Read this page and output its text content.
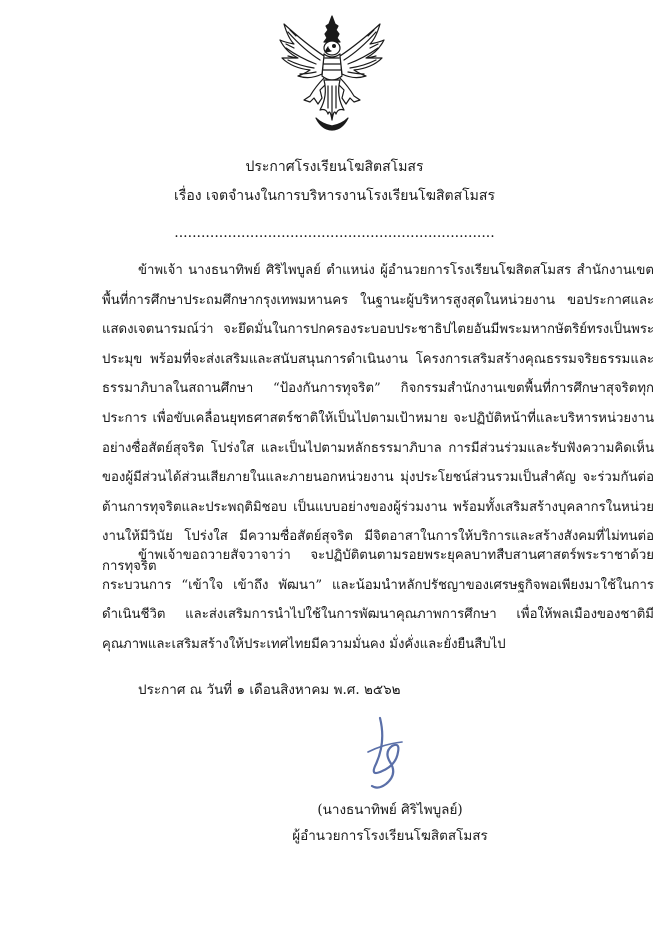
ประกาศโรงเรียนโฆสิตสโมสร
เรื่อง เจตจำนงในการบริหารงานโรงเรียนโฆสิตสโมสร
........................................................................
ข้าพเจ้า นางธนาทิพย์ ศิริไพบูลย์ ตำแหน่ง ผู้อำนวยการโรงเรียนโฆสิตสโมสร สำนักงานเขตพื้นที่การศึกษาประถมศึกษากรุงเทพมหานคร ในฐานะผู้บริหารสูงสุดในหน่วยงาน ขอประกาศและแสดงเจตนารมณ์ว่า จะยึดมั่นในการปกครองระบอบประชาธิปไตยอันมีพระมหากษัตริย์ทรงเป็นพระประมุข พร้อมที่จะส่งเสริมและสนับสนุนการดำเนินงาน โครงการเสริมสร้างคุณธรรมจริยธรรมและธรรมาภิบาลในสถานศึกษา “ป้องกันการทุจริต” กิจกรรมสำนักงานเขตพื้นที่การศึกษาสุจริตทุกประการ เพื่อขับเคลื่อนยุทธศาสตร์ชาติให้เป็นไปตามเป้าหมาย จะปฏิบัติหน้าที่และบริหารหน่วยงานอย่างซื่อสัตย์สุจริต โปร่งใส และเป็นไปตามหลักธรรมาภิบาล การมีส่วนร่วมและรับฟังความคิดเห็นของผู้มีส่วนได้ส่วนเสียภายในและภายนอกหน่วยงาน มุ่งประโยชน์ส่วนรวมเป็นสำคัญ จะร่วมกันต่อต้านการทุจริตและประพฤติมิชอบ เป็นแบบอย่างของผู้ร่วมงาน พร้อมทั้งเสริมสร้างบุคลากรในหน่วยงานให้มีวินัย โปร่งใส มีความซื่อสัตย์สุจริต มีจิตอาสาในการให้บริการและสร้างสังคมที่ไม่ทนต่อการทุจริต
ข้าพเจ้าขอถวายสัจวาจาว่า จะปฏิบัติตนตามรอยพระยุคลบาทสืบสานศาสตร์พระราชาด้วยกระบวนการ “เข้าใจ เข้าถึง พัฒนา” และน้อมนำหลักปรัชญาของเศรษฐกิจพอเพียงมาใช้ในการดำเนินชีวิต และส่งเสริมการนำไปใช้ในการพัฒนาคุณภาพการศึกษา เพื่อให้พลเมืองของชาติมีคุณภาพและเสริมสร้างให้ประเทศไทยมีความมั่นคง มั่งคั่งและยั่งยืนสืบไป
ประกาศ ณ วันที่ ๑ เดือนสิงหาคม พ.ศ. ๒๕๖๒
(นางธนาทิพย์ ศิริไพบูลย์)
ผู้อำนวยการโรงเรียนโฆสิตสโมสร
